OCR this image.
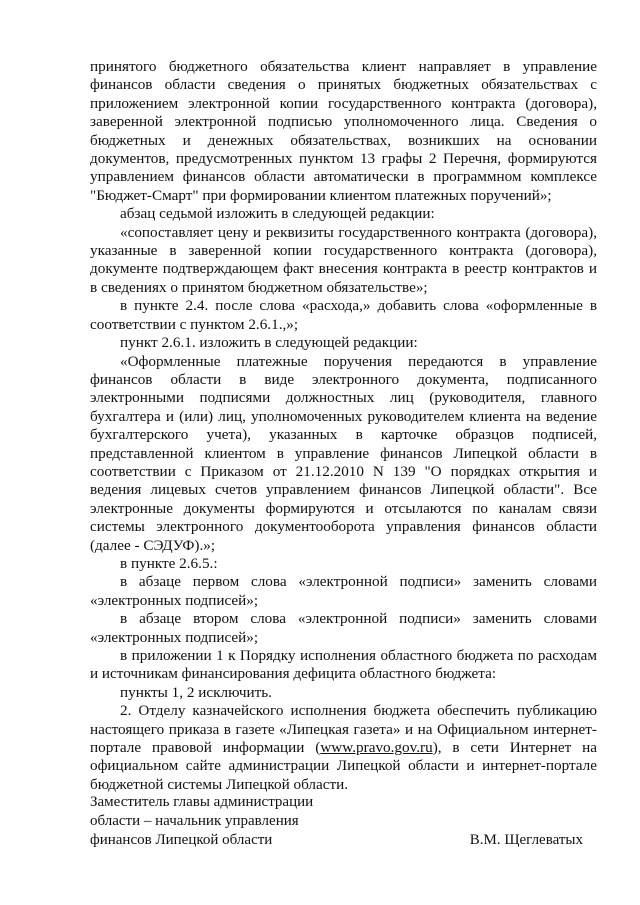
принятого бюджетного обязательства клиент направляет в управление финансов области сведения о принятых бюджетных обязательствах с приложением электронной копии государственного контракта (договора), заверенной электронной подписью уполномоченного лица. Сведения о бюджетных и денежных обязательствах, возникших на основании документов, предусмотренных пунктом 13 графы 2 Перечня, формируются управлением финансов области автоматически в программном комплексе "Бюджет-Смарт" при формировании клиентом платежных поручений»;

абзац седьмой изложить в следующей редакции:

«сопоставляет цену и реквизиты государственного контракта (договора), указанные в заверенной копии государственного контракта (договора), документе подтверждающем факт внесения контракта в реестр контрактов и в сведениях о принятом бюджетном обязательстве»;

в пункте 2.4. после слова «расхода,» добавить слова «оформленные в соответствии с пунктом 2.6.1.,»;

пункт 2.6.1. изложить в следующей редакции:

«Оформленные платежные поручения передаются в управление финансов области в виде электронного документа, подписанного электронными подписями должностных лиц (руководителя, главного бухгалтера и (или) лиц, уполномоченных руководителем клиента на ведение бухгалтерского учета), указанных в карточке образцов подписей, представленной клиентом в управление финансов Липецкой области в соответствии с Приказом от 21.12.2010 N 139 "О порядках открытия и ведения лицевых счетов управлением финансов Липецкой области". Все электронные документы формируются и отсылаются по каналам связи системы электронного документооборота управления финансов области (далее - СЭДУФ).»;

в пункте 2.6.5.:

в абзаце первом слова «электронной подписи» заменить словами «электронных подписей»;

в абзаце втором слова «электронной подписи» заменить словами «электронных подписей»;

в приложении 1 к Порядку исполнения областного бюджета по расходам и источникам финансирования дефицита областного бюджета:

пункты 1, 2 исключить.

2. Отделу казначейского исполнения бюджета обеспечить публикацию настоящего приказа в газете «Липецкая газета» и на Официальном интернет-портале правовой информации (www.pravo.gov.ru), в сети Интернет на официальном сайте администрации Липецкой области и интернет-портале бюджетной системы Липецкой области.

Заместитель главы администрации

области – начальник управления

финансов Липецкой области	В.М. Щеглеватых
